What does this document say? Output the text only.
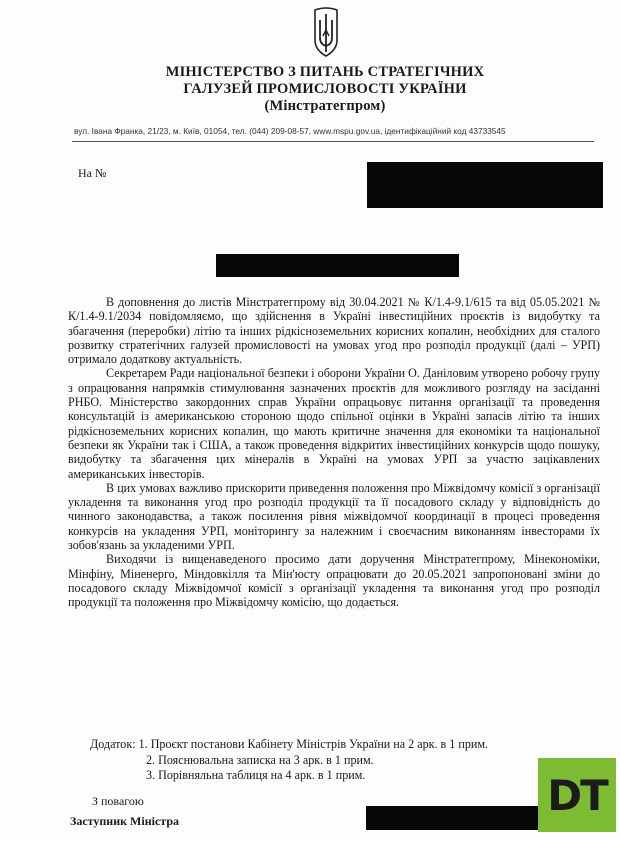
МІНІСТЕРСТВО З ПИТАНЬ СТРАТЕГІЧНИХ
ГАЛУЗЕЙ ПРОМИСЛОВОСТІ УКРАЇНИ
(Мінстратегпром)
вул. Івана Франка, 21/23, м. Київ, 01054, тел. (044) 209-08-57, www.mspu.gov.ua, ідентифікаційний код 43733545
На №

В доповнення до листів Мінстратегпрому від 30.04.2021 № К/1.4-9.1/615 та від 05.05.2021 № К/1.4-9.1/2034 повідомляємо, що здійснення в Україні інвестиційних проєктів із видобутку та збагачення (переробки) літію та інших рідкісноземельних корисних копалин, необхідних для сталого розвитку стратегічних галузей промисловості на умовах угод про розподіл продукції (далі – УРП) отримало додаткову актуальність.

Секретарем Ради національної безпеки і оборони України О. Даніловим утворено робочу групу з опрацювання напрямків стимулювання зазначених проєктів для можливого розгляду на засіданні РНБО. Міністерство закордонних справ України опрацьовує питання організації та проведення консультацій із американською стороною щодо спільної оцінки в Україні запасів літію та інших рідкісноземельних корисних копалин, що мають критичне значення для економіки та національної безпеки як України так і США, а також проведення відкритих інвестиційних конкурсів щодо пошуку, видобутку та збагачення цих мінералів в Україні на умовах УРП за участю зацікавлених американських інвесторів.

В цих умовах важливо прискорити приведення положення про Міжвідомчу комісії з організації укладення та виконання угод про розподіл продукції та її посадового складу у відповідність до чинного законодавства, а також посилення рівня міжвідомчої координації в процесі проведення конкурсів на укладення УРП, моніторингу за належним і своєчасним виконанням інвесторами їх зобов'язань за укладеними УРП.

Виходячи із вищенаведеного просимо дати доручення Мінстратегпрому, Мінекономіки, Мінфіну, Міненерго, Міндовкілля та Мін'юсту опрацювати до 20.05.2021 запропоновані зміни до посадового складу Міжвідомчої комісії з організації укладення та виконання угод про розподіл продукції та положення про Міжвідомчу комісію, що додається.

Додаток: 1. Проєкт постанови Кабінету Міністрів України на 2 арк. в 1 прим.
2. Пояснювальна записка на 3 арк. в 1 прим.
3. Порівняльна таблиця на 4 арк. в 1 прим.
З повагою
Заступник Міністра
DT
